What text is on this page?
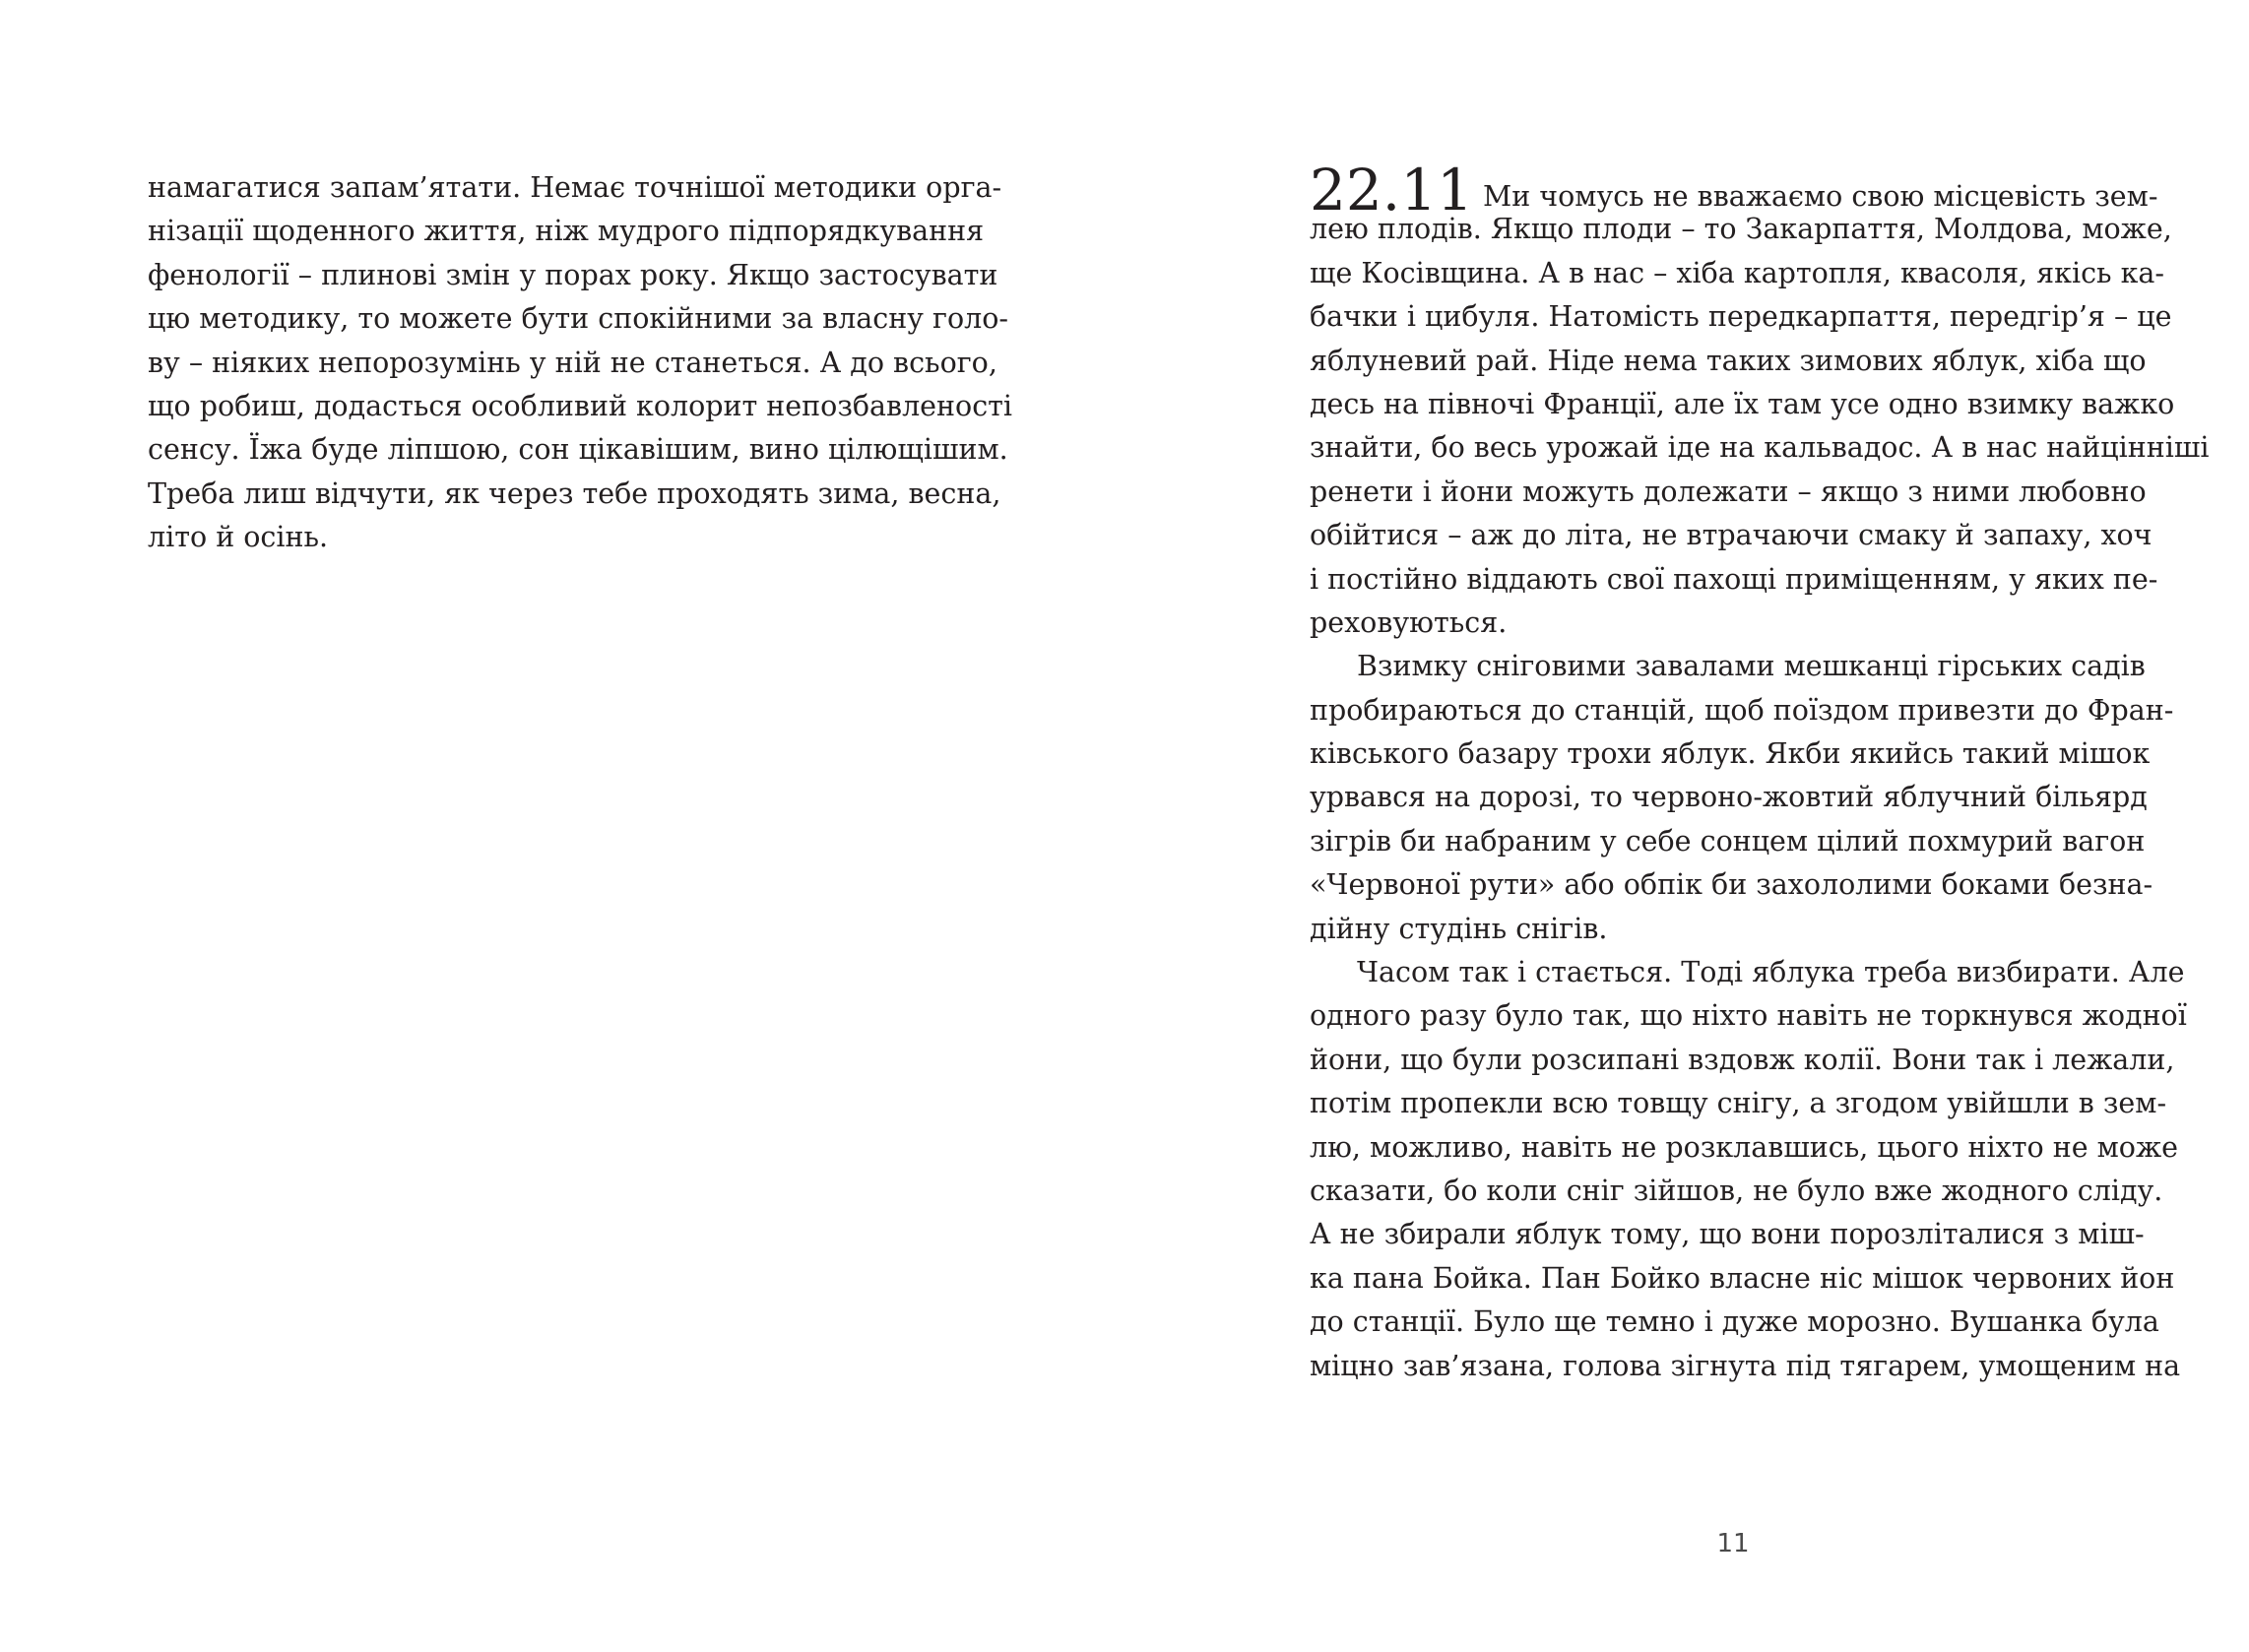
намагатися запам’ятати. Немає точнішої методики орга-
нізації щоденного життя, ніж мудрого підпорядкування
фенології – плинові змін у порах року. Якщо застосувати
цю методику, то можете бути спокійними за власну голо-
ву – ніяких непорозумінь у ній не станеться. А до всього,
що робиш, додасться особливий колорит непозбавленості
сенсу. Їжа буде ліпшою, сон цікавішим, вино цілющішим.
Треба лиш відчути, як через тебе проходять зима, весна,
літо й осінь.
22.11 Ми чомусь не вважаємо свою місцевість зем-
лею плодів. Якщо плоди – то Закарпаття, Молдова, може,
ще Косівщина. А в нас – хіба картопля, квасоля, якісь ка-
бачки і цибуля. Натомість передкарпаття, передгір’я – це
яблуневий рай. Ніде нема таких зимових яблук, хіба що
десь на півночі Франції, але їх там усе одно взимку важко
знайти, бо весь урожай іде на кальвадос. А в нас найцінніші
ренети і йони можуть долежати – якщо з ними любовно
обійтися – аж до літа, не втрачаючи смаку й запаху, хоч
і постійно віддають свої пахощі приміщенням, у яких пе-
реховуються.
Взимку сніговими завалами мешканці гірських садів
пробираються до станцій, щоб поїздом привезти до Фран-
ківського базару трохи яблук. Якби якийсь такий мішок
урвався на дорозі, то червоно-жовтий яблучний більярд
зігрів би набраним у себе сонцем цілий похмурий вагон
«Червоної рути» або обпік би захололими боками безна-
дійну студінь снігів.
Часом так і стається. Тоді яблука треба визбирати. Але
одного разу було так, що ніхто навіть не торкнувся жодної
йони, що були розсипані вздовж колії. Вони так і лежали,
потім пропекли всю товщу снігу, а згодом увійшли в зем-
лю, можливо, навіть не розклавшись, цього ніхто не може
сказати, бо коли сніг зійшов, не було вже жодного сліду.
А не збирали яблук тому, що вони порозліталися з міш-
ка пана Бойка. Пан Бойко власне ніс мішок червоних йон
до станції. Було ще темно і дуже морозно. Вушанка була
міцно зав’язана, голова зігнута під тягарем, умощеним на
11
